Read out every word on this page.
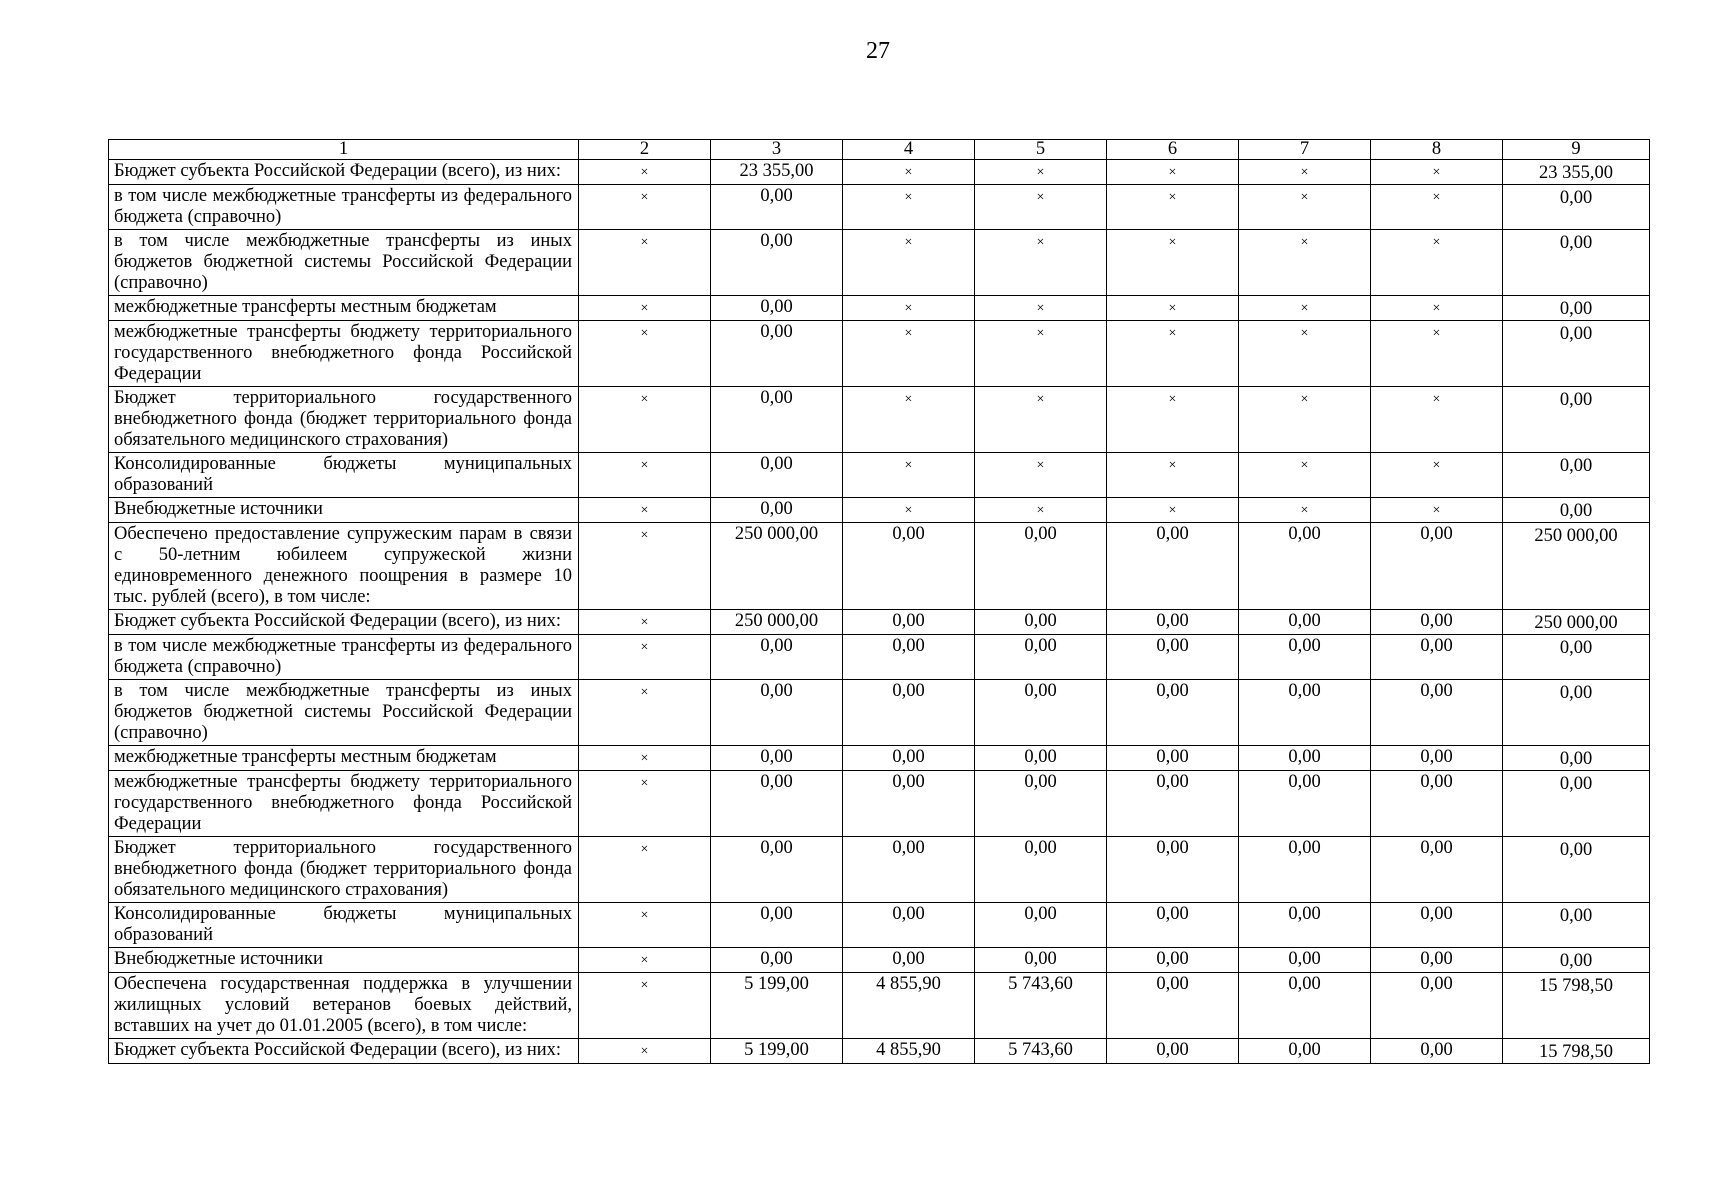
27
1	2	3	4	5	6	7	8	9
Бюджет субъекта Российской Федерации (всего), из них:	×	23 355,00	×	×	×	×	×	23 355,00
в том числе межбюджетные трансферты из федерального бюджета (справочно)	×	0,00	×	×	×	×	×	0,00
в том числе межбюджетные трансферты из иных бюджетов бюджетной системы Российской Федерации (справочно)	×	0,00	×	×	×	×	×	0,00
межбюджетные трансферты местным бюджетам	×	0,00	×	×	×	×	×	0,00
межбюджетные трансферты бюджету территориального государственного внебюджетного фонда Российской Федерации	×	0,00	×	×	×	×	×	0,00
Бюджет территориального государственного внебюджетного фонда (бюджет территориального фонда обязательного медицинского страхования)	×	0,00	×	×	×	×	×	0,00
Консолидированные бюджеты муниципальных образований	×	0,00	×	×	×	×	×	0,00
Внебюджетные источники	×	0,00	×	×	×	×	×	0,00
Обеспечено предоставление супружеским парам в связи с 50-летним юбилеем супружеской жизни единовременного денежного поощрения в размере 10 тыс. рублей (всего), в том числе:	×	250 000,00	0,00	0,00	0,00	0,00	0,00	250 000,00
Бюджет субъекта Российской Федерации (всего), из них:	×	250 000,00	0,00	0,00	0,00	0,00	0,00	250 000,00
в том числе межбюджетные трансферты из федерального бюджета (справочно)	×	0,00	0,00	0,00	0,00	0,00	0,00	0,00
в том числе межбюджетные трансферты из иных бюджетов бюджетной системы Российской Федерации (справочно)	×	0,00	0,00	0,00	0,00	0,00	0,00	0,00
межбюджетные трансферты местным бюджетам	×	0,00	0,00	0,00	0,00	0,00	0,00	0,00
межбюджетные трансферты бюджету территориального государственного внебюджетного фонда Российской Федерации	×	0,00	0,00	0,00	0,00	0,00	0,00	0,00
Бюджет территориального государственного внебюджетного фонда (бюджет территориального фонда обязательного медицинского страхования)	×	0,00	0,00	0,00	0,00	0,00	0,00	0,00
Консолидированные бюджеты муниципальных образований	×	0,00	0,00	0,00	0,00	0,00	0,00	0,00
Внебюджетные источники	×	0,00	0,00	0,00	0,00	0,00	0,00	0,00
Обеспечена государственная поддержка в улучшении жилищных условий ветеранов боевых действий, вставших на учет до 01.01.2005 (всего), в том числе:	×	5 199,00	4 855,90	5 743,60	0,00	0,00	0,00	15 798,50
Бюджет субъекта Российской Федерации (всего), из них:	×	5 199,00	4 855,90	5 743,60	0,00	0,00	0,00	15 798,50
